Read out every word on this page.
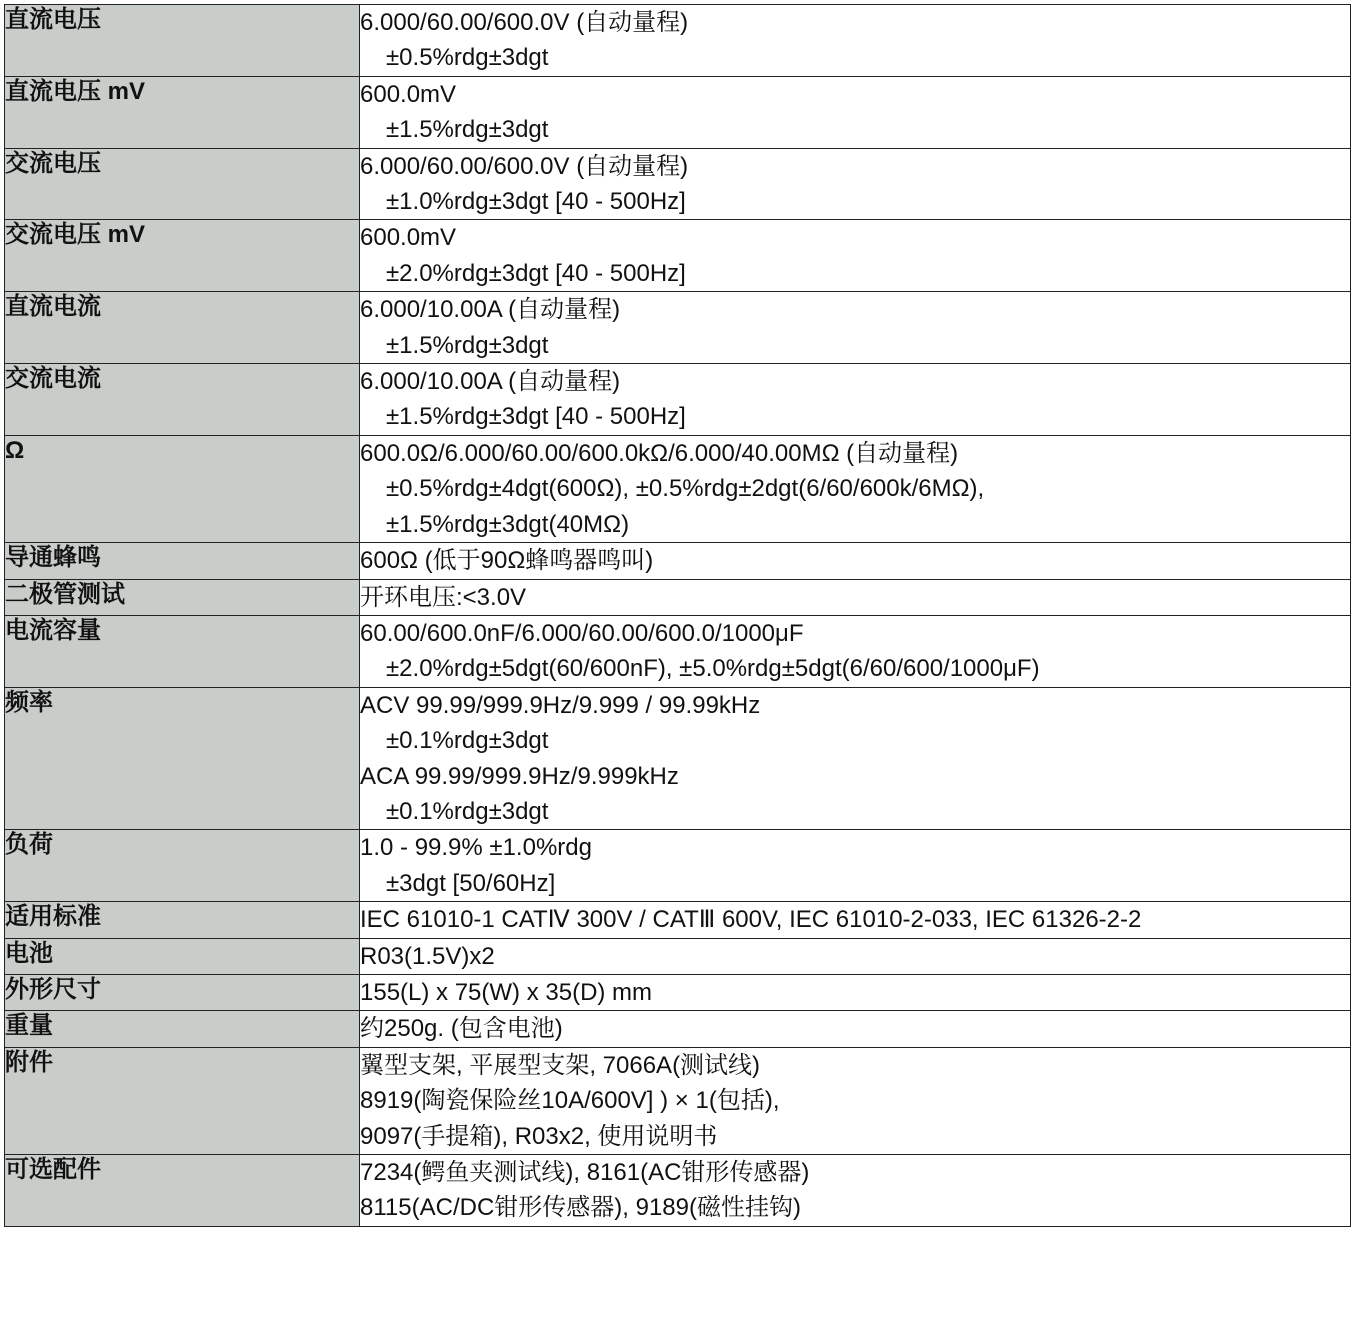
直流电压	6.000/60.00/600.0V (自动量程)
±0.5%rdg±3dgt

直流电压 mV	600.0mV
±1.5%rdg±3dgt

交流电压	6.000/60.00/600.0V (自动量程)
±1.0%rdg±3dgt [40 - 500Hz]

交流电压 mV	600.0mV
±2.0%rdg±3dgt [40 - 500Hz]

直流电流	6.000/10.00A (自动量程)
±1.5%rdg±3dgt

交流电流	6.000/10.00A (自动量程)
±1.5%rdg±3dgt [40 - 500Hz]

Ω	600.0Ω/6.000/60.00/600.0kΩ/6.000/40.00MΩ (自动量程)
±0.5%rdg±4dgt(600Ω), ±0.5%rdg±2dgt(6/60/600k/6MΩ),
±1.5%rdg±3dgt(40MΩ)

导通蜂鸣	600Ω (低于90Ω蜂鸣器鸣叫)

二极管测试	开环电压:<3.0V

电流容量	60.00/600.0nF/6.000/60.00/600.0/1000μF
±2.0%rdg±5dgt(60/600nF), ±5.0%rdg±5dgt(6/60/600/1000μF)

频率	ACV 99.99/999.9Hz/9.999 / 99.99kHz
±0.1%rdg±3dgt
ACA 99.99/999.9Hz/9.999kHz
±0.1%rdg±3dgt

负荷	1.0 - 99.9% ±1.0%rdg
±3dgt [50/60Hz]

适用标准	IEC 61010-1 CATⅣ 300V / CATⅢ 600V, IEC 61010-2-033, IEC 61326-2-2

电池	R03(1.5V)x2

外形尺寸	155(L) x 75(W) x 35(D) mm

重量	约250g. (包含电池)

附件	翼型支架, 平展型支架, 7066A(测试线)
8919(陶瓷保险丝10A/600V] ) × 1(包括),
9097(手提箱), R03x2, 使用说明书

可选配件	7234(鳄鱼夹测试线), 8161(AC钳形传感器)
8115(AC/DC钳形传感器), 9189(磁性挂钩)
